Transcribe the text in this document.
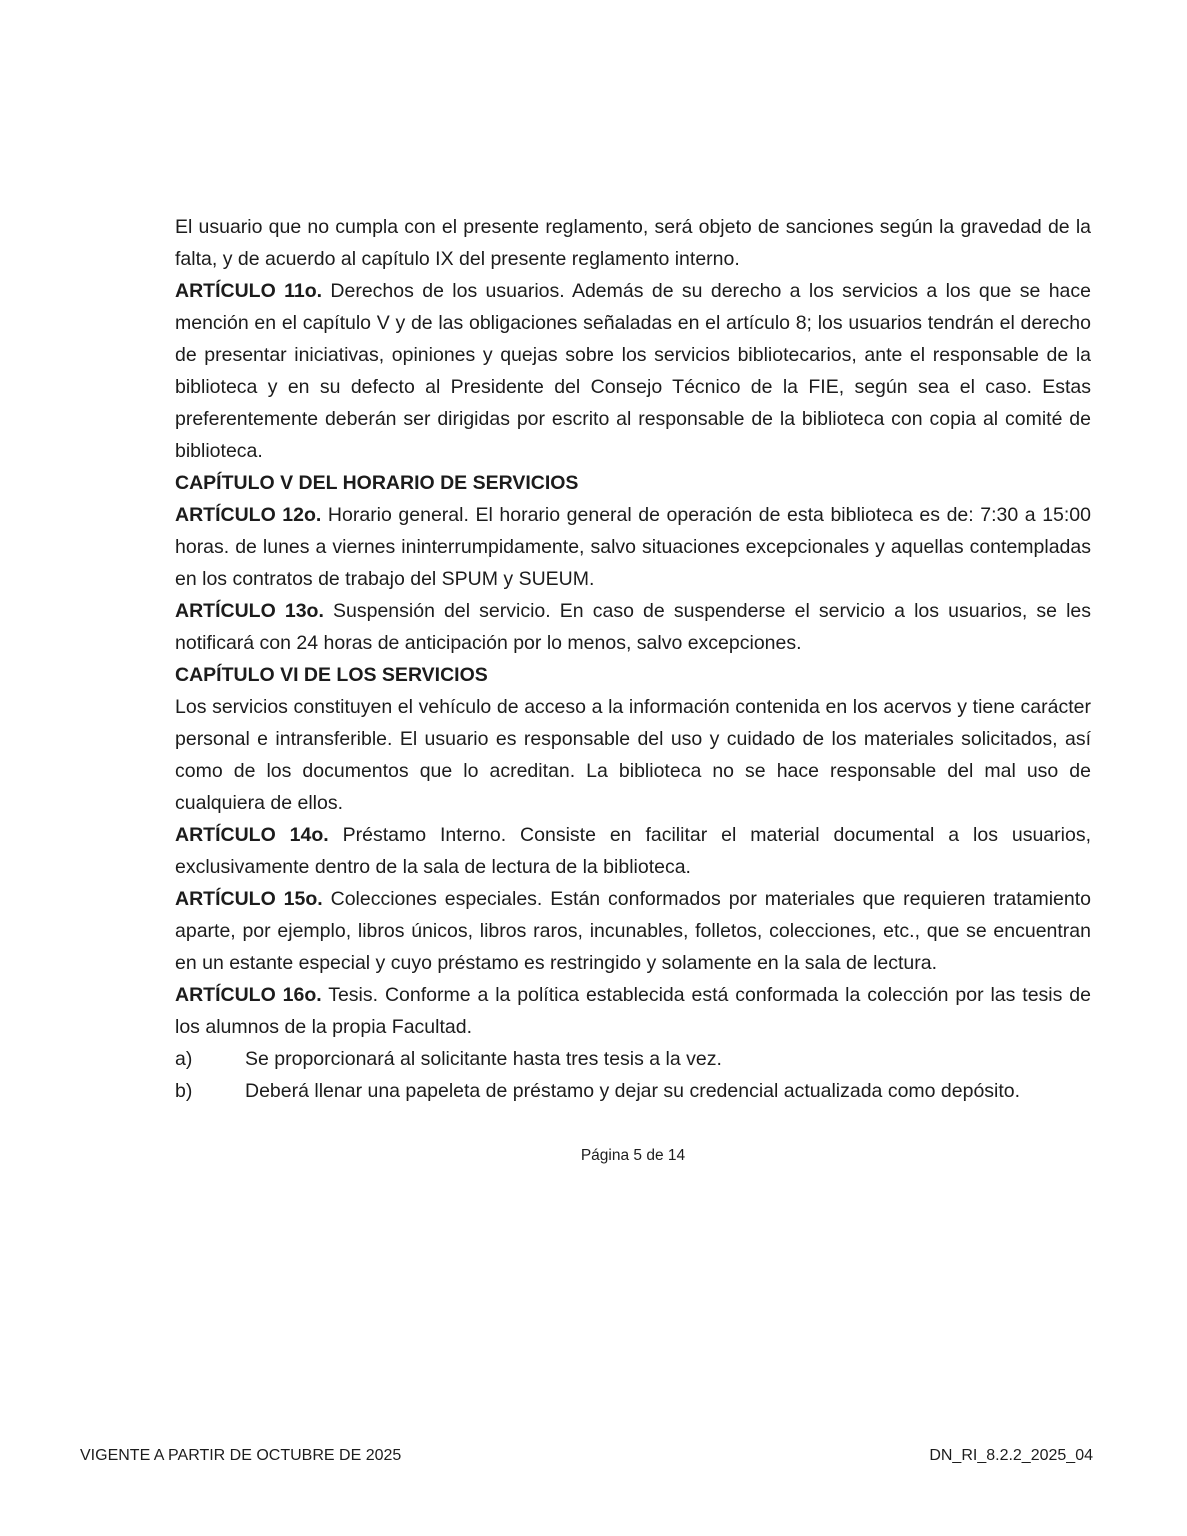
El usuario que no cumpla con el presente reglamento, será objeto de sanciones según la gravedad de la falta, y de acuerdo al capítulo IX del presente reglamento interno.

ARTÍCULO 11o. Derechos de los usuarios. Además de su derecho a los servicios a los que se hace mención en el capítulo V y de las obligaciones señaladas en el artículo 8; los usuarios tendrán el derecho de presentar iniciativas, opiniones y quejas sobre los servicios bibliotecarios, ante el responsable de la biblioteca y en su defecto al Presidente del Consejo Técnico de la FIE, según sea el caso. Estas preferentemente deberán ser dirigidas por escrito al responsable de la biblioteca con copia al comité de biblioteca.

CAPÍTULO V DEL HORARIO DE SERVICIOS

ARTÍCULO 12o. Horario general. El horario general de operación de esta biblioteca es de: 7:30 a 15:00 horas. de lunes a viernes ininterrumpidamente, salvo situaciones excepcionales y aquellas contempladas en los contratos de trabajo del SPUM y SUEUM.

ARTÍCULO 13o. Suspensión del servicio. En caso de suspenderse el servicio a los usuarios, se les notificará con 24 horas de anticipación por lo menos, salvo excepciones.

CAPÍTULO VI DE LOS SERVICIOS

Los servicios constituyen el vehículo de acceso a la información contenida en los acervos y tiene carácter personal e intransferible. El usuario es responsable del uso y cuidado de los materiales solicitados, así como de los documentos que lo acreditan. La biblioteca no se hace responsable del mal uso de cualquiera de ellos.

ARTÍCULO 14o. Préstamo Interno. Consiste en facilitar el material documental a los usuarios, exclusivamente dentro de la sala de lectura de la biblioteca.

ARTÍCULO 15o. Colecciones especiales. Están conformados por materiales que requieren tratamiento aparte, por ejemplo, libros únicos, libros raros, incunables, folletos, colecciones, etc., que se encuentran en un estante especial y cuyo préstamo es restringido y solamente en la sala de lectura.

ARTÍCULO 16o. Tesis. Conforme a la política establecida está conformada la colección por las tesis de los alumnos de la propia Facultad.

a)	Se proporcionará al solicitante hasta tres tesis a la vez.
b)	Deberá llenar una papeleta de préstamo y dejar su credencial actualizada como depósito.
Página 5 de 14
VIGENTE A PARTIR DE OCTUBRE DE 2025	DN_RI_8.2.2_2025_04
